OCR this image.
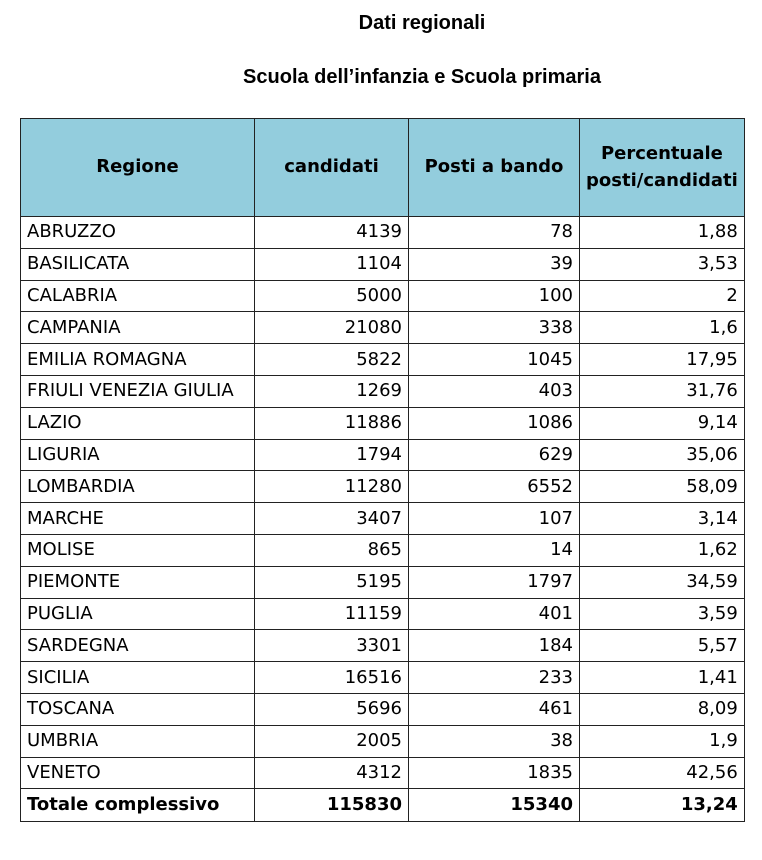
Dati regionali
Scuola dell’infanzia e Scuola primaria
Regione	candidati	Posti a bando	Percentuale posti/candidati
ABRUZZO	4139	78	1,88
BASILICATA	1104	39	3,53
CALABRIA	5000	100	2
CAMPANIA	21080	338	1,6
EMILIA ROMAGNA	5822	1045	17,95
FRIULI VENEZIA GIULIA	1269	403	31,76
LAZIO	11886	1086	9,14
LIGURIA	1794	629	35,06
LOMBARDIA	11280	6552	58,09
MARCHE	3407	107	3,14
MOLISE	865	14	1,62
PIEMONTE	5195	1797	34,59
PUGLIA	11159	401	3,59
SARDEGNA	3301	184	5,57
SICILIA	16516	233	1,41
TOSCANA	5696	461	8,09
UMBRIA	2005	38	1,9
VENETO	4312	1835	42,56
Totale complessivo	115830	15340	13,24
